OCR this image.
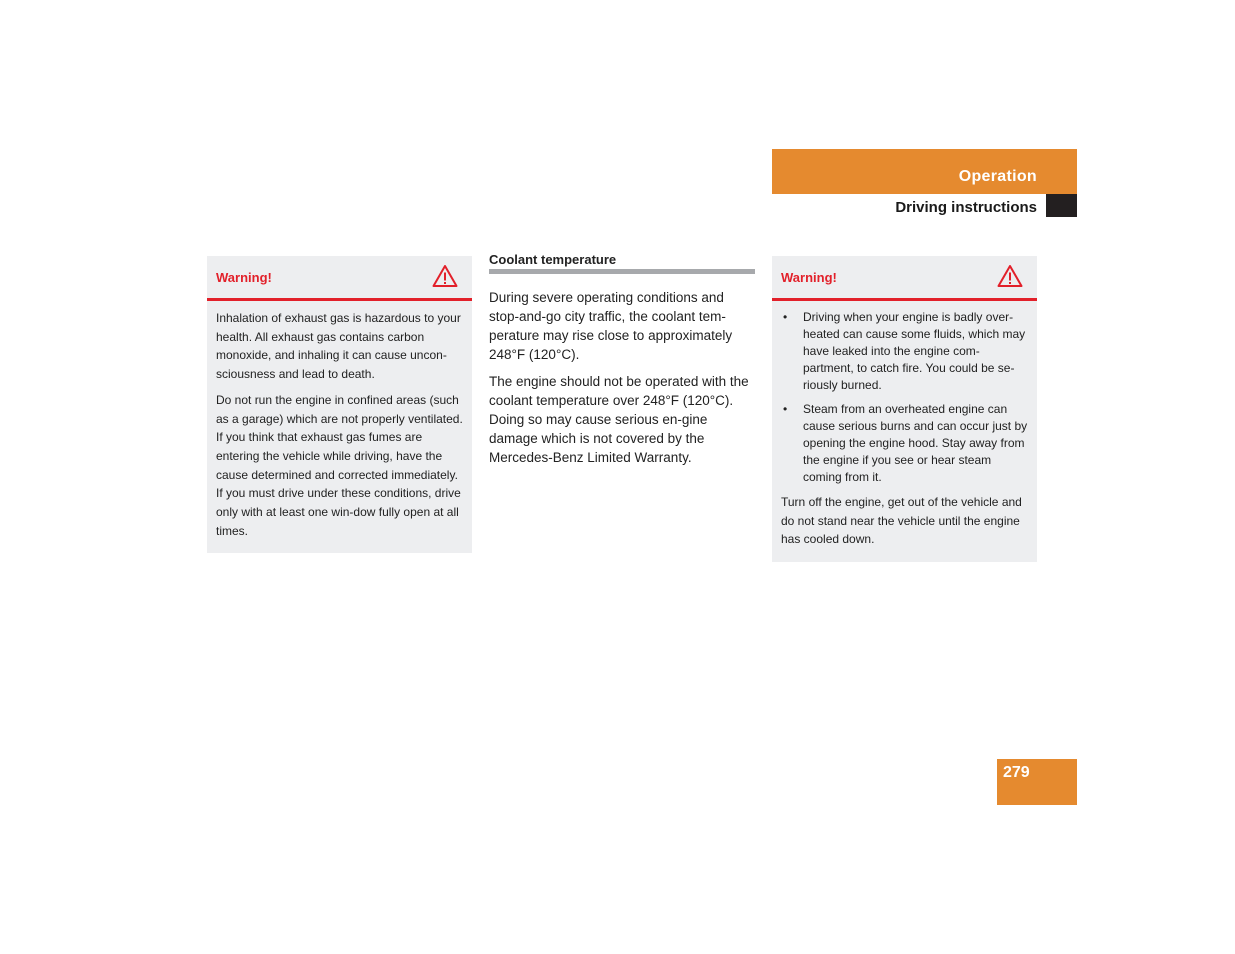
Operation
Driving instructions
Warning!

Inhalation of exhaust gas is hazardous to your health. All exhaust gas contains carbon monoxide, and inhaling it can cause uncon-sciousness and lead to death.

Do not run the engine in confined areas (such as a garage) which are not properly ventilated. If you think that exhaust gas fumes are entering the vehicle while driving, have the cause determined and corrected immediately. If you must drive under these conditions, drive only with at least one win-dow fully open at all times.

Coolant temperature

During severe operating conditions and stop-and-go city traffic, the coolant tem-perature may rise close to approximately 248°F (120°C).

The engine should not be operated with the coolant temperature over 248°F (120°C). Doing so may cause serious en-gine damage which is not covered by the Mercedes-Benz Limited Warranty.

Warning!
• Driving when your engine is badly over-heated can cause some fluids, which may have leaked into the engine com-partment, to catch fire. You could be se-riously burned.
• Steam from an overheated engine can cause serious burns and can occur just by opening the engine hood. Stay away from the engine if you see or hear steam coming from it.

Turn off the engine, get out of the vehicle and do not stand near the vehicle until the engine has cooled down.

279
